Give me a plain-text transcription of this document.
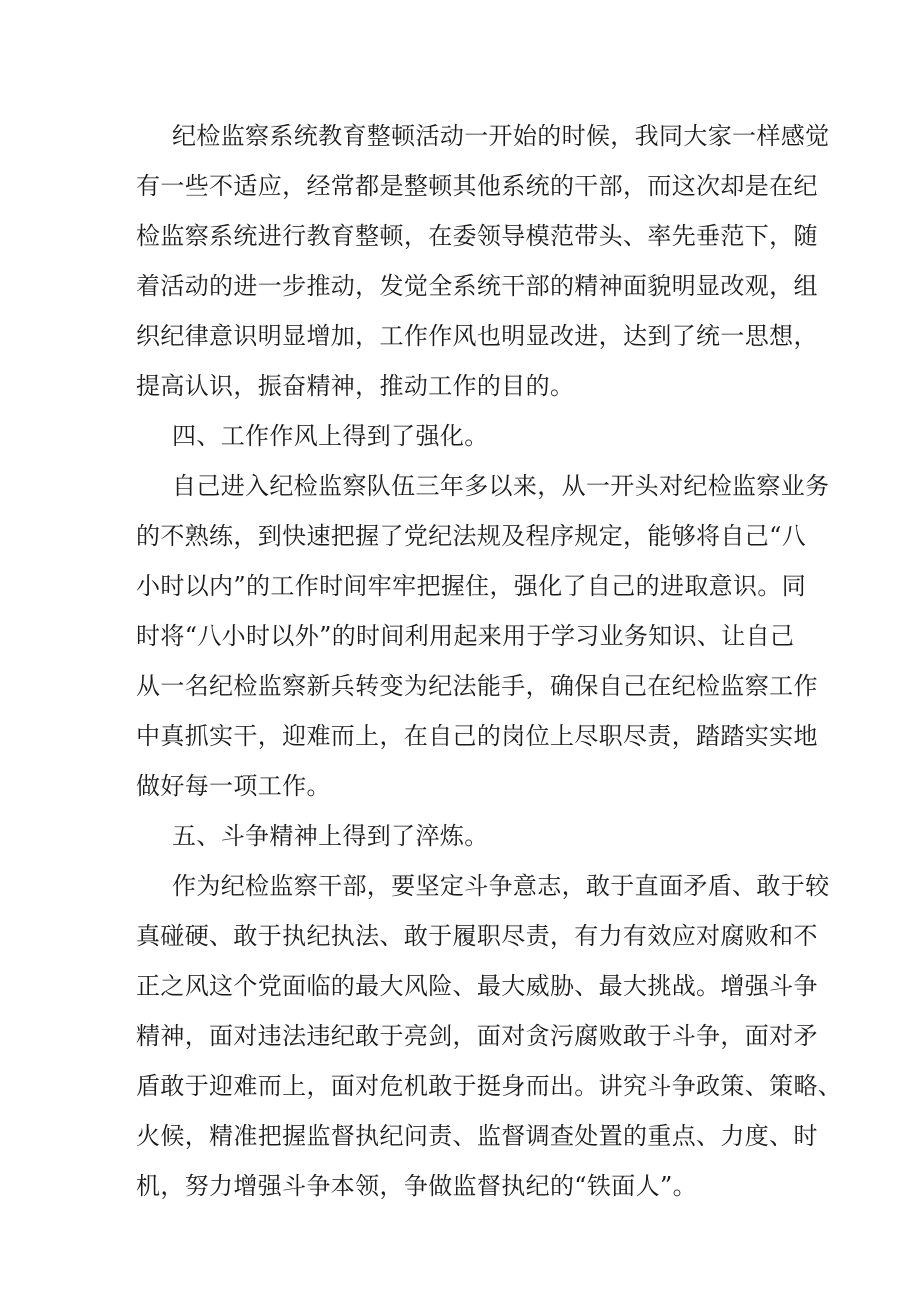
纪检监察系统教育整顿活动一开始的时候，我同大家一样感觉

有一些不适应，经常都是整顿其他系统的干部，而这次却是在纪

检监察系统进行教育整顿，在委领导模范带头、率先垂范下，随

着活动的进一步推动，发觉全系统干部的精神面貌明显改观，组

织纪律意识明显增加，工作作风也明显改进，达到了统一思想，

提高认识，振奋精神，推动工作的目的。

四、工作作风上得到了强化。

自己进入纪检监察队伍三年多以来，从一开头对纪检监察业务

的不熟练，到快速把握了党纪法规及程序规定，能够将自己“八

小时以内”的工作时间牢牢把握住，强化了自己的进取意识。同

时将“八小时以外”的时间利用起来用于学习业务知识、让自己

从一名纪检监察新兵转变为纪法能手，确保自己在纪检监察工作

中真抓实干，迎难而上，在自己的岗位上尽职尽责，踏踏实实地

做好每一项工作。

五、斗争精神上得到了淬炼。

作为纪检监察干部，要坚定斗争意志，敢于直面矛盾、敢于较

真碰硬、敢于执纪执法、敢于履职尽责，有力有效应对腐败和不

正之风这个党面临的最大风险、最大威胁、最大挑战。增强斗争

精神，面对违法违纪敢于亮剑，面对贪污腐败敢于斗争，面对矛

盾敢于迎难而上，面对危机敢于挺身而出。讲究斗争政策、策略、

火候，精准把握监督执纪问责、监督调查处置的重点、力度、时

机，努力增强斗争本领，争做监督执纪的“铁面人”。
